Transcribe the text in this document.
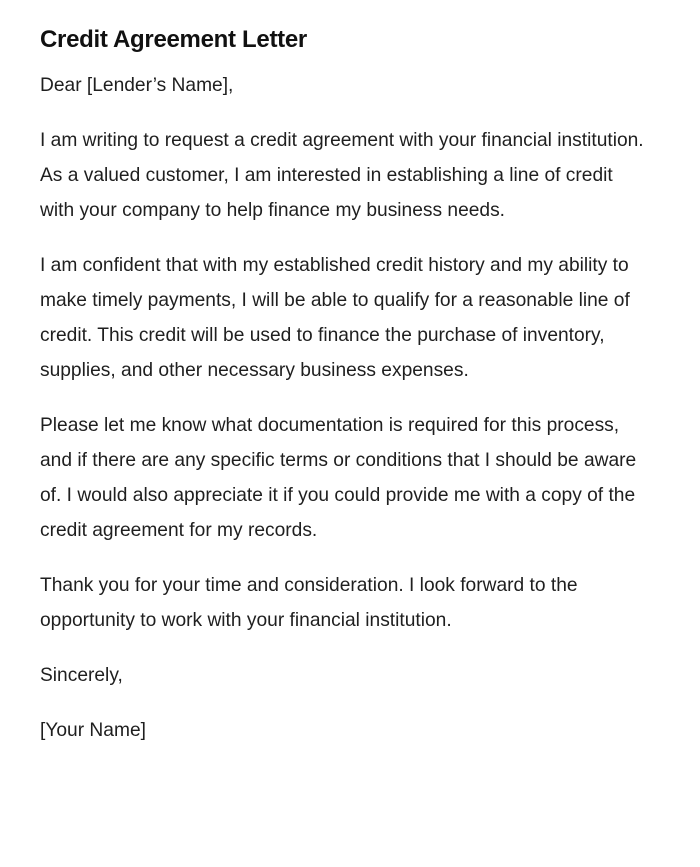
Credit Agreement Letter

Dear [Lender’s Name],

I am writing to request a credit agreement with your financial institution. As a valued customer, I am interested in establishing a line of credit with your company to help finance my business needs.

I am confident that with my established credit history and my ability to make timely payments, I will be able to qualify for a reasonable line of credit. This credit will be used to finance the purchase of inventory, supplies, and other necessary business expenses.

Please let me know what documentation is required for this process, and if there are any specific terms or conditions that I should be aware of. I would also appreciate it if you could provide me with a copy of the credit agreement for my records.

Thank you for your time and consideration. I look forward to the opportunity to work with your financial institution.

Sincerely,

[Your Name]
